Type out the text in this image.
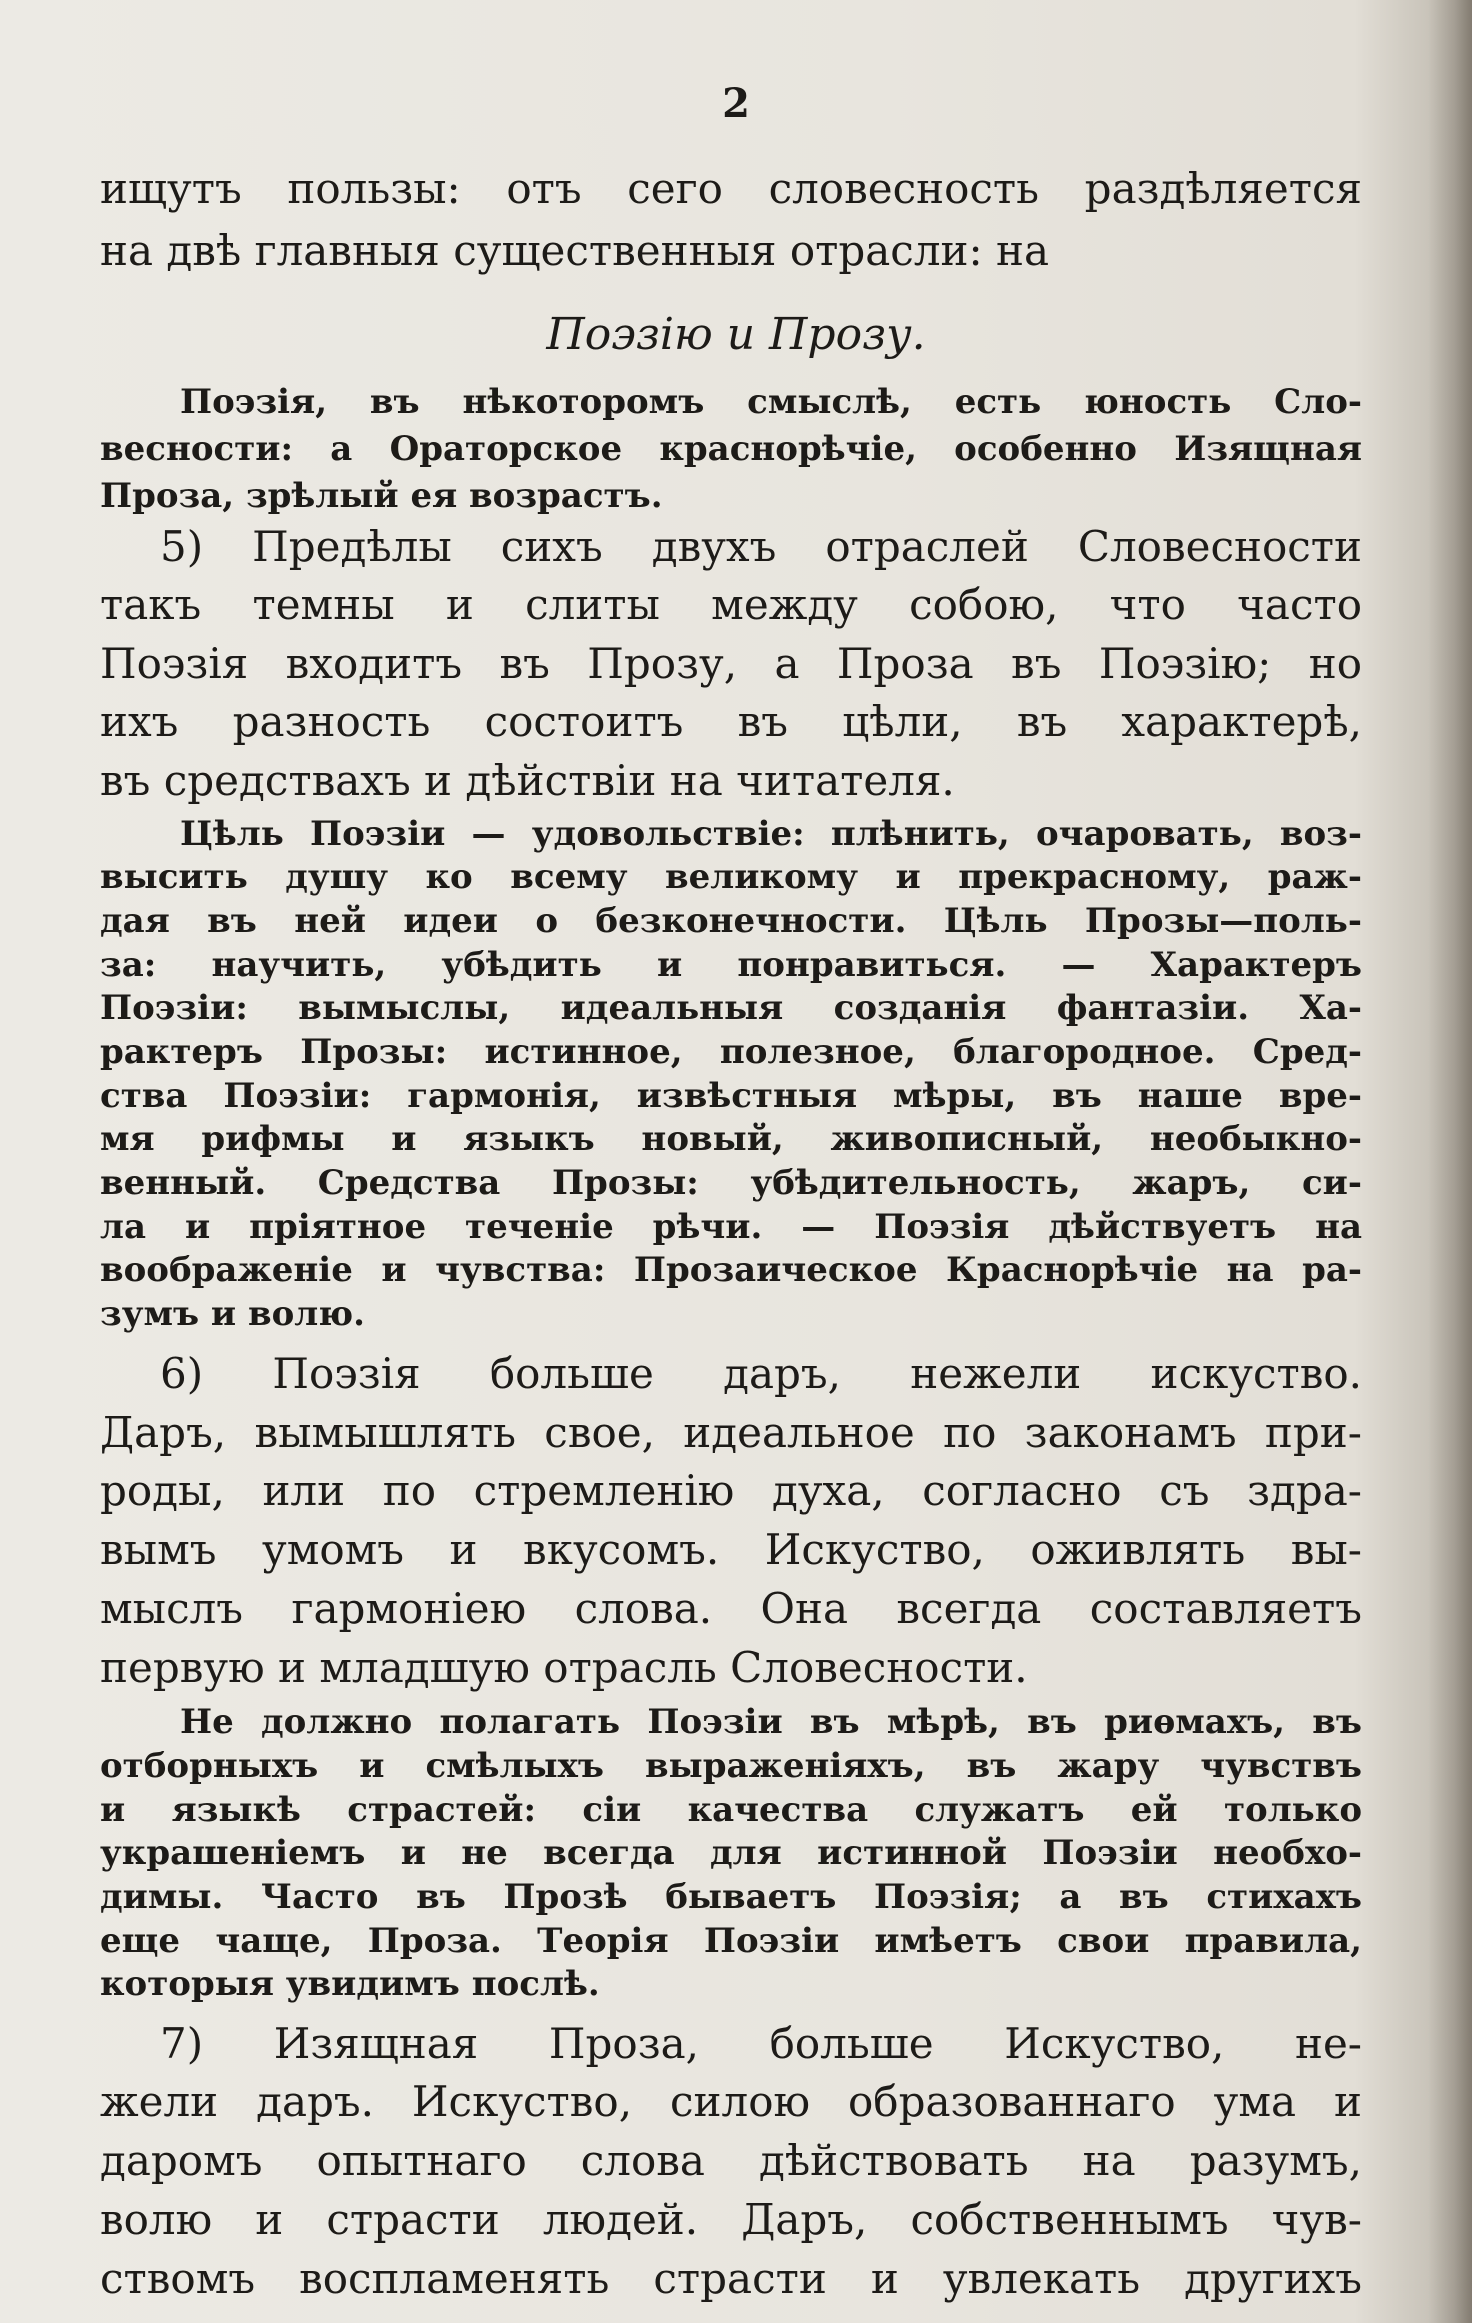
2
ищутъ пользы: отъ сего словесность раздѣляется
на двѣ главныя существенныя отрасли: на
Поэзію и Прозу.
Поэзія, въ нѣкоторомъ смыслѣ, есть юность Сло-
весности: а Ораторское краснорѣчіе, особенно Изящная
Проза, зрѣлый ея возрастъ.
5) Предѣлы сихъ двухъ отраслей Словесности
такъ темны и слиты между собою, что часто
Поэзія входитъ въ Прозу, а Проза въ Поэзію; но
ихъ разность состоитъ въ цѣли, въ характерѣ,
въ средствахъ и дѣйствіи на читателя.
Цѣль Поэзіи — удовольствіе: плѣнить, очаровать, воз-
высить душу ко всему великому и прекрасному, раж-
дая въ ней идеи о безконечности. Цѣль Прозы—поль-
за: научить, убѣдить и понравиться. — Характеръ
Поэзіи: вымыслы, идеальныя созданія фантазіи. Ха-
рактеръ Прозы: истинное, полезное, благородное. Сред-
ства Поэзіи: гармонія, извѣстныя мѣры, въ наше вре-
мя рифмы и языкъ новый, живописный, необыкно-
венный. Средства Прозы: убѣдительность, жаръ, си-
ла и пріятное теченіе рѣчи. — Поэзія дѣйствуетъ на
воображеніе и чувства: Прозаическое Краснорѣчіе на ра-
зумъ и волю.
6) Поэзія больше даръ, нежели искуство.
Даръ, вымышлять свое, идеальное по законамъ при-
роды, или по стремленію духа, согласно съ здра-
вымъ умомъ и вкусомъ. Искуство, оживлять вы-
мыслъ гармоніею слова. Она всегда составляетъ
первую и младшую отрасль Словесности.
Не должно полагать Поэзіи въ мѣрѣ, въ риѳмахъ, въ
отборныхъ и смѣлыхъ выраженіяхъ, въ жару чувствъ
и языкѣ страстей: сіи качества служатъ ей только
украшеніемъ и не всегда для истинной Поэзіи необхо-
димы. Часто въ Прозѣ бываетъ Поэзія; а въ стихахъ
еще чаще, Проза. Теорія Поэзіи имѣетъ свои правила,
которыя увидимъ послѣ.
7) Изящная Проза, больше Искуство, не-
жели даръ. Искуство, силою образованнаго ума и
даромъ опытнаго слова дѣйствовать на разумъ,
волю и страсти людей. Даръ, собственнымъ чув-
ствомъ воспламенять страсти и увлекать другихъ
